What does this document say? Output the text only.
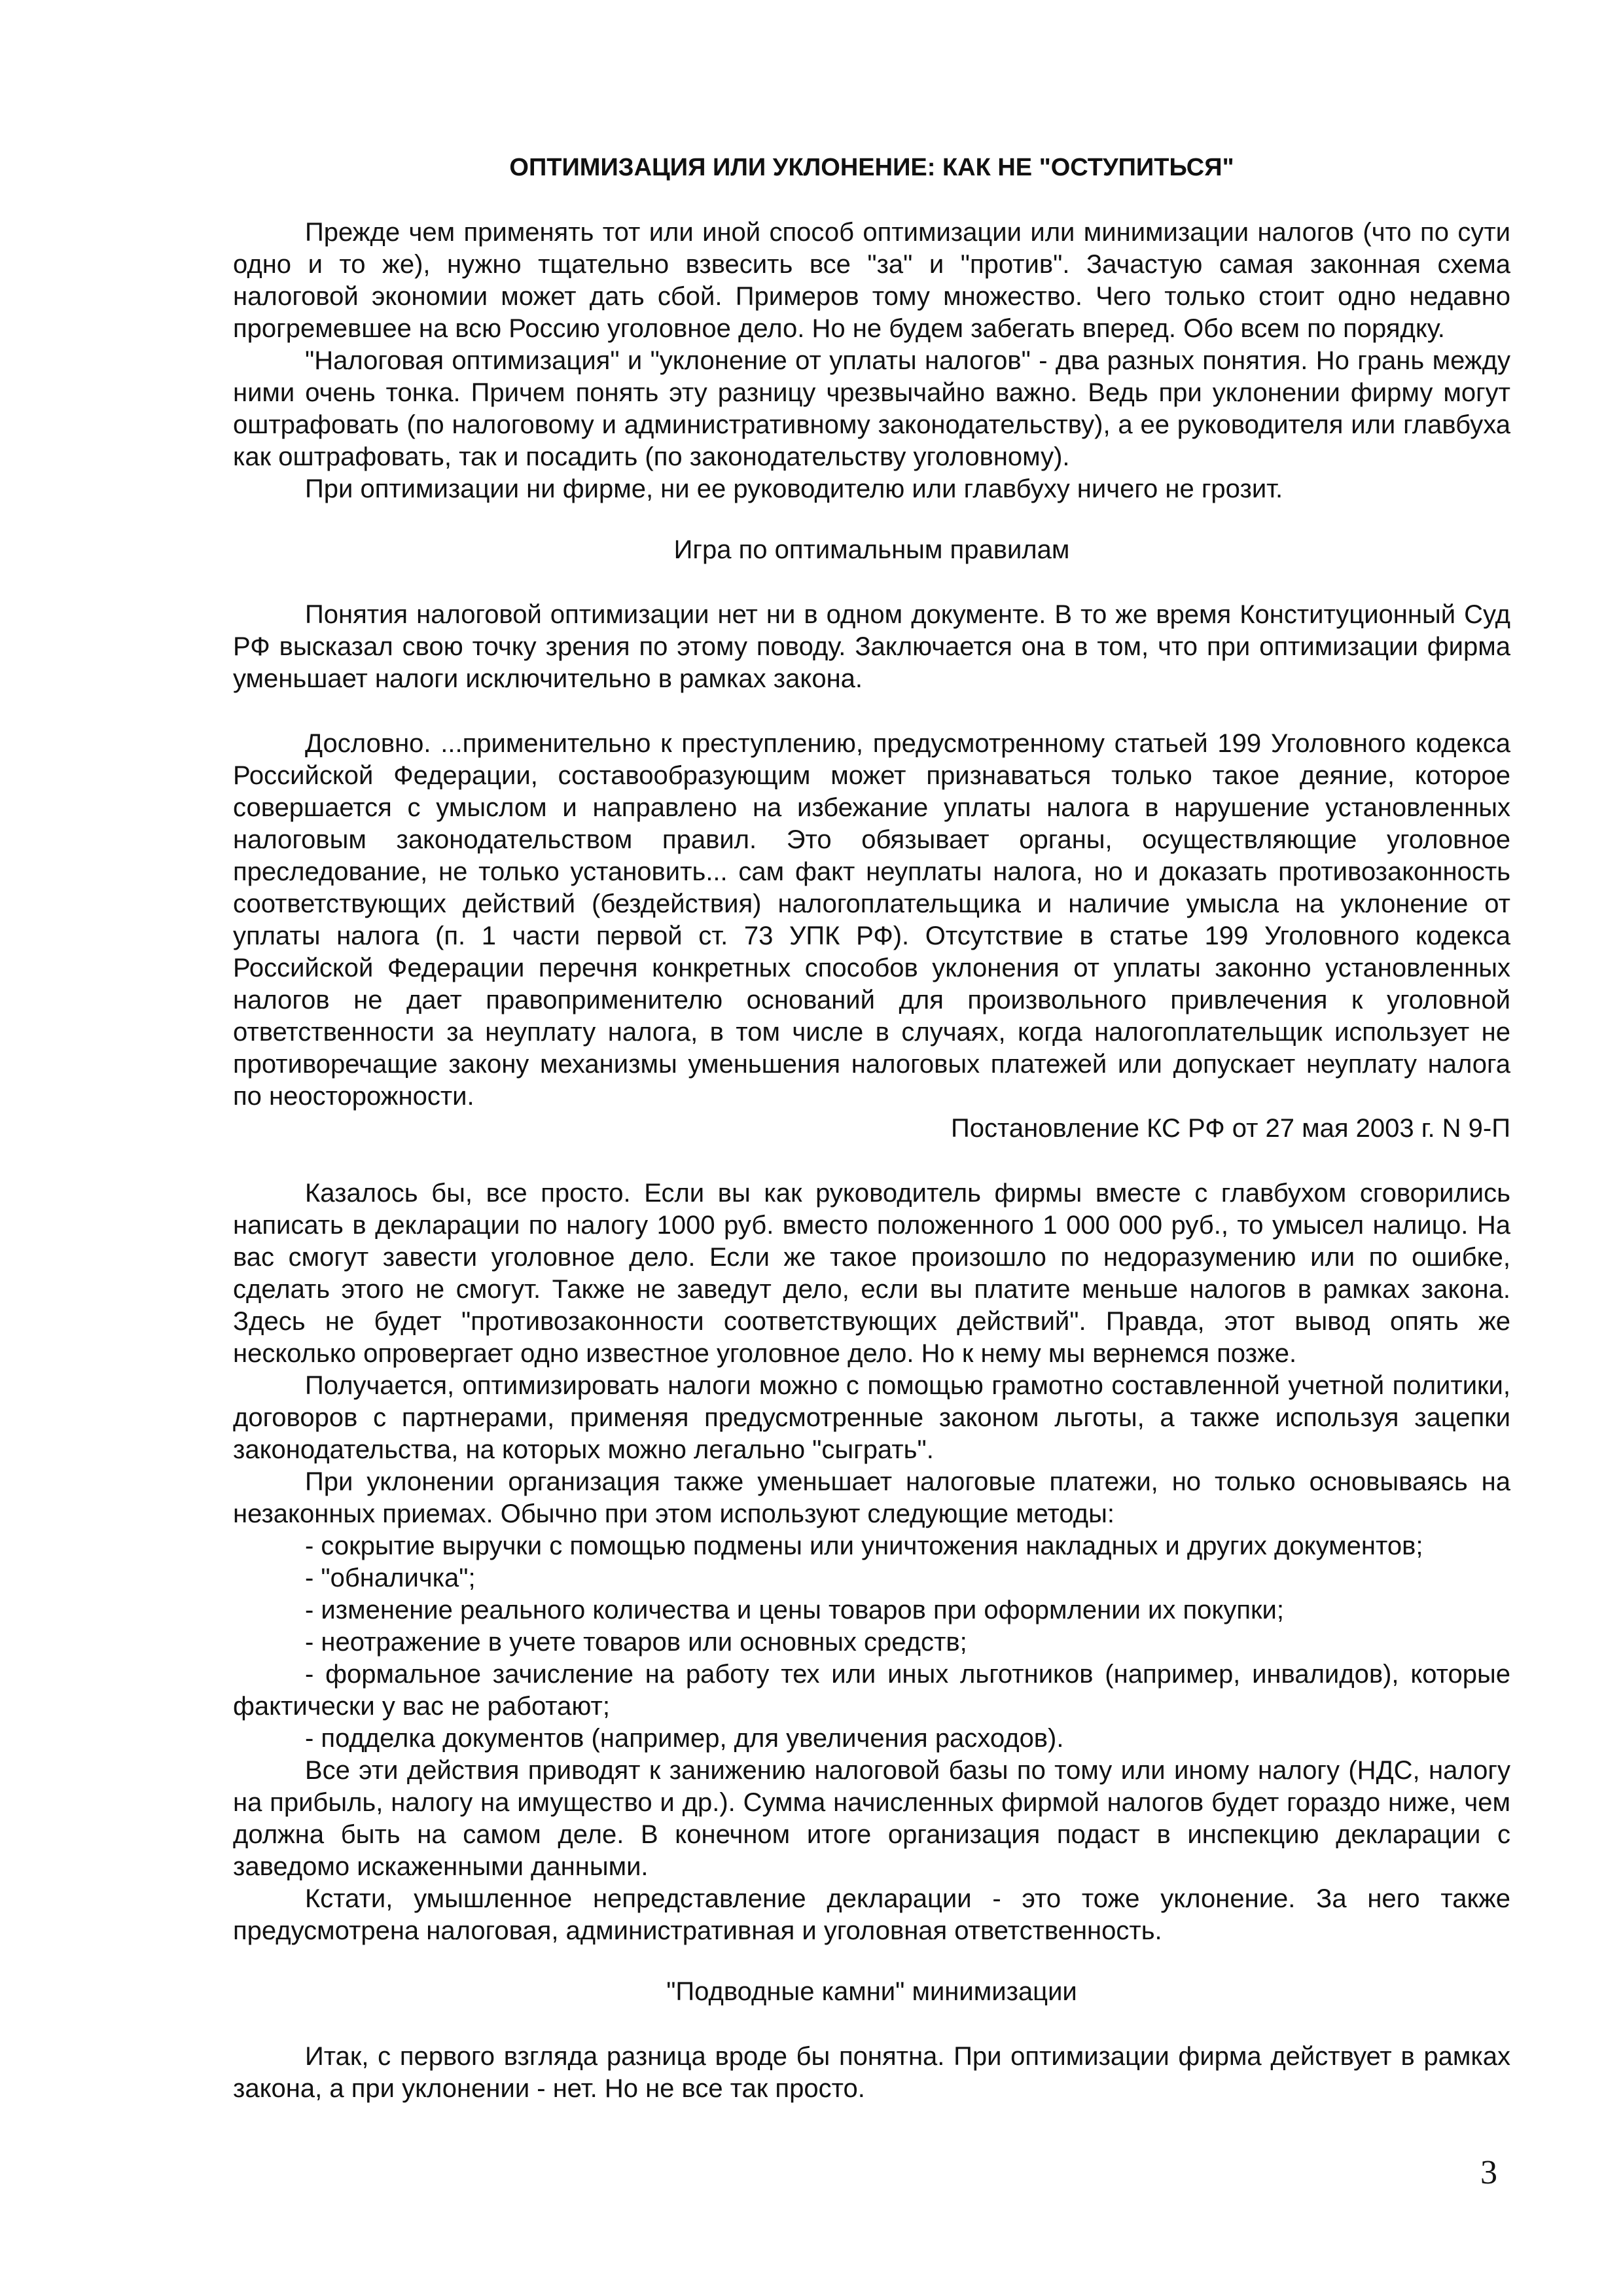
ОПТИМИЗАЦИЯ ИЛИ УКЛОНЕНИЕ: КАК НЕ "ОСТУПИТЬСЯ"

Прежде чем применять тот или иной способ оптимизации или минимизации налогов (что по сути одно и то же), нужно тщательно взвесить все "за" и "против". Зачастую самая законная схема налоговой экономии может дать сбой. Примеров тому множество. Чего только стоит одно недавно прогремевшее на всю Россию уголовное дело. Но не будем забегать вперед. Обо всем по порядку.

"Налоговая оптимизация" и "уклонение от уплаты налогов" - два разных понятия. Но грань между ними очень тонка. Причем понять эту разницу чрезвычайно важно. Ведь при уклонении фирму могут оштрафовать (по налоговому и административному законодательству), а ее руководителя или главбуха как оштрафовать, так и посадить (по законодательству уголовному).

При оптимизации ни фирме, ни ее руководителю или главбуху ничего не грозит.

Игра по оптимальным правилам

Понятия налоговой оптимизации нет ни в одном документе. В то же время Конституционный Суд РФ высказал свою точку зрения по этому поводу. Заключается она в том, что при оптимизации фирма уменьшает налоги исключительно в рамках закона.

Дословно. ...применительно к преступлению, предусмотренному статьей 199 Уголовного кодекса Российской Федерации, составообразующим может признаваться только такое деяние, которое совершается с умыслом и направлено на избежание уплаты налога в нарушение установленных налоговым законодательством правил. Это обязывает органы, осуществляющие уголовное преследование, не только установить... сам факт неуплаты налога, но и доказать противозаконность соответствующих действий (бездействия) налогоплательщика и наличие умысла на уклонение от уплаты налога (п. 1 части первой ст. 73 УПК РФ). Отсутствие в статье 199 Уголовного кодекса Российской Федерации перечня конкретных способов уклонения от уплаты законно установленных налогов не дает правоприменителю оснований для произвольного привлечения к уголовной ответственности за неуплату налога, в том числе в случаях, когда налогоплательщик использует не противоречащие закону механизмы уменьшения налоговых платежей или допускает неуплату налога по неосторожности.

Постановление КС РФ от 27 мая 2003 г. N 9-П

Казалось бы, все просто. Если вы как руководитель фирмы вместе с главбухом сговорились написать в декларации по налогу 1000 руб. вместо положенного 1 000 000 руб., то умысел налицо. На вас смогут завести уголовное дело. Если же такое произошло по недоразумению или по ошибке, сделать этого не смогут. Также не заведут дело, если вы платите меньше налогов в рамках закона. Здесь не будет "противозаконности соответствующих действий". Правда, этот вывод опять же несколько опровергает одно известное уголовное дело. Но к нему мы вернемся позже.

Получается, оптимизировать налоги можно с помощью грамотно составленной учетной политики, договоров с партнерами, применяя предусмотренные законом льготы, а также используя зацепки законодательства, на которых можно легально "сыграть".

При уклонении организация также уменьшает налоговые платежи, но только основываясь на незаконных приемах. Обычно при этом используют следующие методы:

- сокрытие выручки с помощью подмены или уничтожения накладных и других документов;

- "обналичка";

- изменение реального количества и цены товаров при оформлении их покупки;

- неотражение в учете товаров или основных средств;

- формальное зачисление на работу тех или иных льготников (например, инвалидов), которые фактически у вас не работают;

- подделка документов (например, для увеличения расходов).

Все эти действия приводят к занижению налоговой базы по тому или иному налогу (НДС, налогу на прибыль, налогу на имущество и др.). Сумма начисленных фирмой налогов будет гораздо ниже, чем должна быть на самом деле. В конечном итоге организация подаст в инспекцию декларации с заведомо искаженными данными.

Кстати, умышленное непредставление декларации - это тоже уклонение. За него также предусмотрена налоговая, административная и уголовная ответственность.

"Подводные камни" минимизации

Итак, с первого взгляда разница вроде бы понятна. При оптимизации фирма действует в рамках закона, а при уклонении - нет. Но не все так просто.

3
